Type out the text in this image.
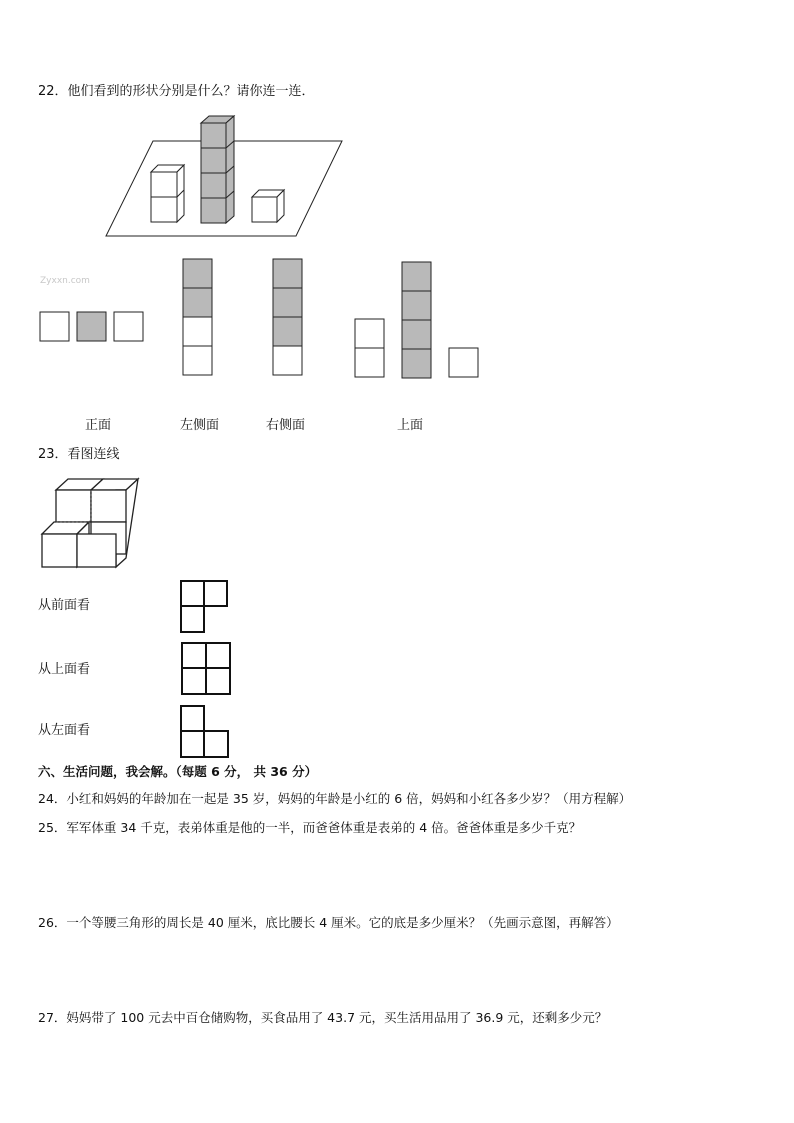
22．他们看到的形状分别是什么？请你连一连．
Zyxxn.com
正面	左侧面	右侧面	上面
23．看图连线
从前面看
从上面看
从左面看
六、生活问题，我会解。（每题 6 分， 共 36 分）
24．小红和妈妈的年龄加在一起是 35 岁，妈妈的年龄是小红的 6 倍，妈妈和小红各多少岁？（用方程解）
25．军军体重 34 千克，表弟体重是他的一半，而爸爸体重是表弟的 4 倍。爸爸体重是多少千克？
26．一个等腰三角形的周长是 40 厘米，底比腰长 4 厘米。它的底是多少厘米？（先画示意图，再解答）
27．妈妈带了 100 元去中百仓储购物，买食品用了 43.7 元，买生活用品用了 36.9 元，还剩多少元？
